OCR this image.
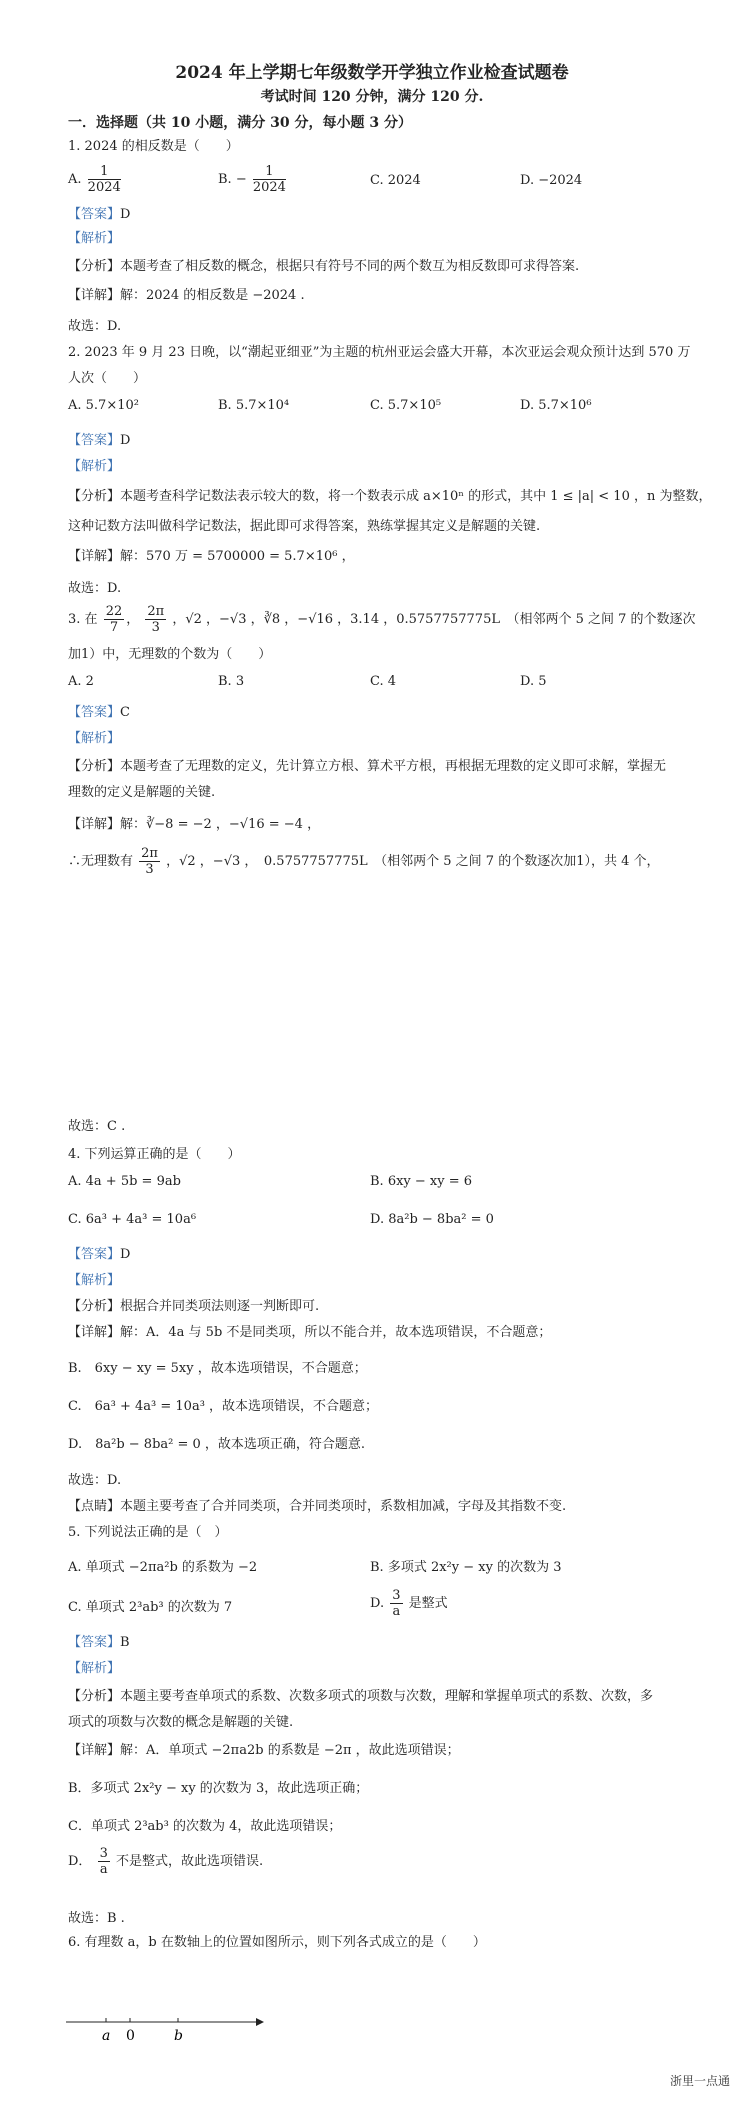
2024 年上学期七年级数学开学独立作业检查试题卷
考试时间 120 分钟，满分 120 分.
一．选择题（共 10 小题，满分 30 分，每小题 3 分）
1. 2024 的相反数是（　　）
A. $\frac{1}{2024}$	B. − $\frac{1}{2024}$	C. 2024	D. −2024
【答案】D
【解析】
【分析】本题考查了相反数的概念，根据只有符号不同的两个数互为相反数即可求得答案.
【详解】解：2024 的相反数是 −2024 .
故选：D.
2. 2023 年 9 月 23 日晚，以“潮起亚细亚”为主题的杭州亚运会盛大开幕，本次亚运会观众预计达到 570 万
人次（　　）
A. 5.7×10²	B. 5.7×10⁴	C. 5.7×10⁵	D. 5.7×10⁶
【答案】D
【解析】
【分析】本题考查科学记数法表示较大的数，将一个数表示成 a×10ⁿ 的形式，其中 1 ≤ |a| < 10 ，n 为整数，
这种记数方法叫做科学记数法，据此即可求得答案，熟练掌握其定义是解题的关键.
【详解】解：570 万 = 5700000 = 5.7×10⁶ ，
故选：D.
3. 在 $\frac{22}{7}$ ， $\frac{2\pi}{3}$ ，√2 ，−√3 ，∛8 ，−√16 ，3.14 ，0.5757757775L　（相邻两个 5 之间 7 的个数逐次
加1）中，无理数的个数为（　　）
A. 2	B. 3	C. 4	D. 5
【答案】C
【解析】
【分析】本题考查了无理数的定义，先计算立方根、算术平方根，再根据无理数的定义即可求解，掌握无
理数的定义是解题的关键.
【详解】解：∛−8 = −2 ，−√16 = −4 ，
∴无理数有 $\frac{2\pi}{3}$ ，√2 ，−√3 ，　0.5757757775L　（相邻两个 5 之间 7 的个数逐次加1），共 4 个，
故选：C .
4. 下列运算正确的是（　　）
A. 4a + 5b = 9ab	B. 6xy − xy = 6
C. 6a³ + 4a³ = 10a⁶	D. 8a²b − 8ba² = 0
【答案】D
【解析】
【分析】根据合并同类项法则逐一判断即可.
【详解】解：A．4a 与 5b 不是同类项，所以不能合并，故本选项错误，不合题意；
B.　6xy − xy = 5xy ，故本选项错误，不合题意；
C.　6a³ + 4a³ = 10a³ ，故本选项错误，不合题意；
D.　8a²b − 8ba² = 0 ，故本选项正确，符合题意.
故选：D.
【点睛】本题主要考查了合并同类项，合并同类项时，系数相加减，字母及其指数不变.
5. 下列说法正确的是（　）
A. 单项式 −2πa²b 的系数为 −2	B. 多项式 2x²y − xy 的次数为 3
C. 单项式 2³ab³ 的次数为 7	D. $\frac{3}{a}$ 是整式
【答案】B
【解析】
【分析】本题主要考查单项式的系数、次数多项式的项数与次数，理解和掌握单项式的系数、次数，多
项式的项数与次数的概念是解题的关键.
【详解】解：A．单项式 −2πa2b 的系数是 −2π ，故此选项错误；
B．多项式 2x²y − xy 的次数为 3，故此选项正确；
C．单项式 2³ab³ 的次数为 4，故此选项错误；
D． $\frac{3}{a}$ 不是整式，故此选项错误.
故选：B .
6. 有理数 a，b 在数轴上的位置如图所示，则下列各式成立的是（　　）
a 0	b
浙里一点通
